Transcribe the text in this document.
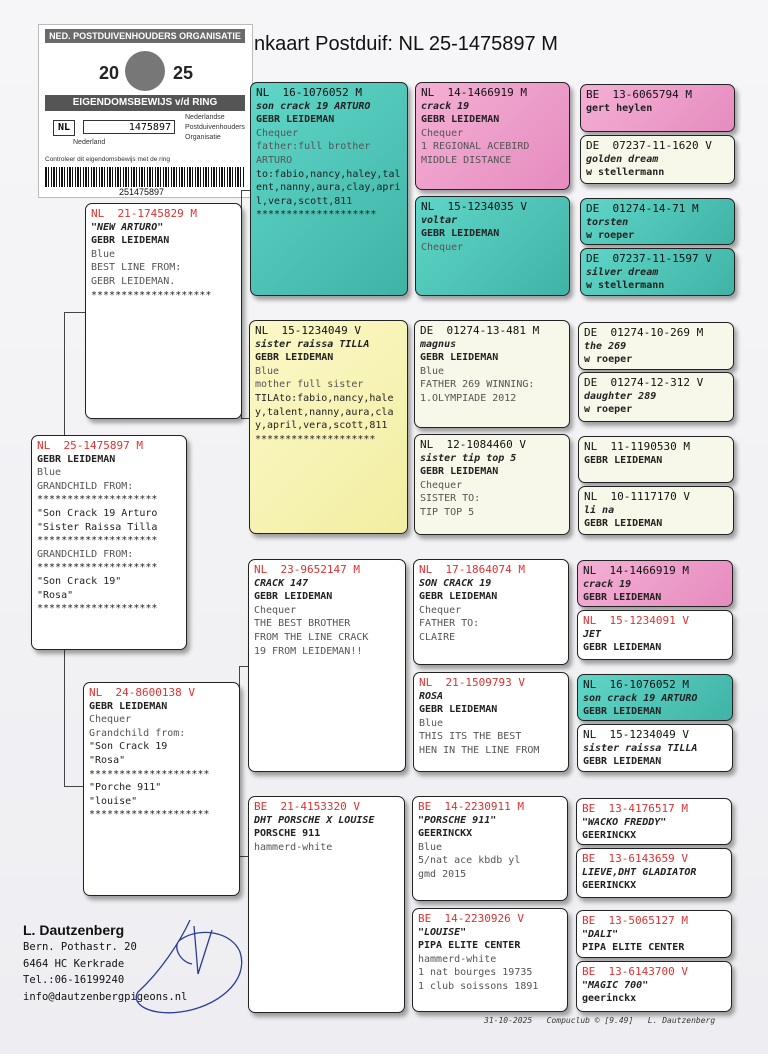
nkaart Postduif: NL 25-1475897 M
NED. POSTDUIVENHOUDERS ORGANISATIE
20	25
EIGENDOMSBEWIJS v/d RING
NL	1475897
Nederland
Nederlandse
Postduivenhouders
Organisatie
Controleer dit eigendomsbewijs met de ring
251475897
NL  25-1475897 M
GEBR LEIDEMAN
Blue
GRANDCHILD FROM:
********************
"Son Crack 19 Arturo
"Sister Raissa Tilla
********************
GRANDCHILD FROM:
********************
"Son Crack 19"
"Rosa"
********************
NL  21-1745829 M
"NEW ARTURO"
GEBR LEIDEMAN
Blue
BEST LINE FROM:
GEBR LEIDEMAN.
********************
NL  24-8600138 V
GEBR LEIDEMAN
Chequer
Grandchild from:
"Son Crack 19
"Rosa"
********************
"Porche 911"
"louise"
********************
NL  16-1076052 M
son crack 19 ARTURO
GEBR LEIDEMAN
Chequer
father:full brother
ARTURO
to:fabio,nancy,haley,talent,nanny,aura,clay,april,vera,scott,811
********************
NL  15-1234049 V
sister raissa TILLA
GEBR LEIDEMAN
Blue
mother full sister
TILAto:fabio,nancy,haley,talent,nanny,aura,clay,april,vera,scott,811
********************
NL  23-9652147 M
CRACK 147
GEBR LEIDEMAN
Chequer
THE BEST BROTHER
FROM THE LINE CRACK
19 FROM LEIDEMAN!!
BE  21-4153320 V
DHT PORSCHE X LOUISE
PORSCHE 911
hammerd-white
NL  14-1466919 M
crack 19
GEBR LEIDEMAN
Chequer
1 REGIONAL ACEBIRD
MIDDLE DISTANCE
NL  15-1234035 V
voltar
GEBR LEIDEMAN
Chequer
DE  01274-13-481 M
magnus
GEBR LEIDEMAN
Blue
FATHER 269 WINNING:
1.OLYMPIADE 2012
NL  12-1084460 V
sister tip top 5
GEBR LEIDEMAN
Chequer
SISTER TO:
TIP TOP 5
NL  17-1864074 M
SON CRACK 19
GEBR LEIDEMAN
Chequer
FATHER TO:
CLAIRE
NL  21-1509793 V
ROSA
GEBR LEIDEMAN
Blue
THIS ITS THE BEST
HEN IN THE LINE FROM
BE  14-2230911 M
"PORSCHE 911"
GEERINCKX
Blue
5/nat ace kbdb yl
gmd 2015
BE  14-2230926 V
"LOUISE"
PIPA ELITE CENTER
hammerd-white
1 nat bourges 19735
1 club soissons 1891
BE  13-6065794 M
gert heylen
DE  07237-11-1620 V
golden dream
w stellermann
DE  01274-14-71 M
torsten
w roeper
DE  07237-11-1597 V
silver dream
w stellermann
DE  01274-10-269 M
the 269
w roeper
DE  01274-12-312 V
daughter 289
w roeper
NL  11-1190530 M
GEBR LEIDEMAN
NL  10-1117170 V
li na
GEBR LEIDEMAN
NL  14-1466919 M
crack 19
GEBR LEIDEMAN
NL  15-1234091 V
JET
GEBR LEIDEMAN
NL  16-1076052 M
son crack 19 ARTURO
GEBR LEIDEMAN
NL  15-1234049 V
sister raissa TILLA
GEBR LEIDEMAN
BE  13-4176517 M
"WACKO FREDDY"
GEERINCKX
BE  13-6143659 V
LIEVE,DHT GLADIATOR
GEERINCKX
BE  13-5065127 M
"DALI"
PIPA ELITE CENTER
BE  13-6143700 V
"MAGIC 700"
geerinckx
L. Dautzenberg
Bern. Pothastr. 20
6464 HC Kerkrade
Tel.:06-16199240
info@dautzenbergpigeons.nl
31-10-2025   Compuclub © [9.49]   L. Dautzenberg
